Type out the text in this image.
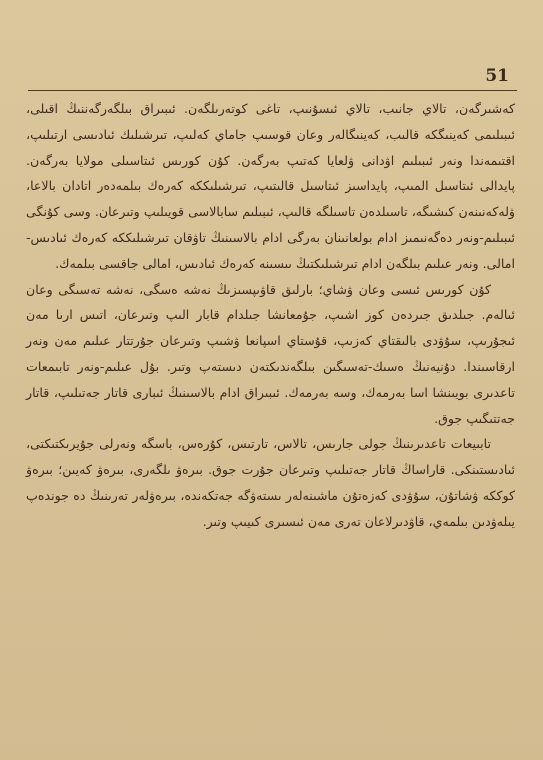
51

كەشىرگەن، تالاي جانىب، تالاي ئىسۇنىپ، تاغى كوتەرىلگەن. ئىبىراق بىلگەرگەننىڭ اقىلى، ئىبىلىمى كەينىگكە قالىب، كەينىگالەر وعان قوسىپ جاماي كەلىپ، تىرشىلىك ئىادىسى ارتىلىپ، اقتىمەندا ونەر ئىبىلىم اۋدانى ۋلعايا كەتىپ بەرگەن. كۇن كورىس ئىتاسىلى مولايا بەرگەن. پايدالى ئىتاسىل المىپ، پايداسىز ئىتاسىل قالىتىپ، تىرشىلىككە كەرەك بىلمەدەر اتادان بالاعا، ۋلەكەنىنەن كىشىگە، تاسىلدەن تاسىلگە قالىپ، ئىبىلىم سابالاسى قويىلىپ وتىرعان. وسى كۇنگى ئىبىلىم-ونەر دەگەنىمىز ادام بولعانىنان بەرگى ادام بالاسىنىڭ تاۋقان تىرشىلىككە كەرەك ئىادىس-امالى. ونەر عىلىم بىلگەن ادام تىرشىلىكتىڭ ىىسىنە كەرەك ئىادىس، امالى جاقسى بىلمەك.

كۇن كورىس ئىسى وعان ۋشاي؛ بارلىق قاۋىپسىزىڭ نەشە ەسگى، نەشە تەسىگى وعان ئىالەم. جىلدىق جىردەن كوز اشىپ، جۇمعانشا جىلدام قابار الىپ وتىرعان، اتىس ارىا مەن ئىجۇرىپ، سۇۋدى بالىقتاي كەزىپ، قۇستاي اسپانعا ۋشىپ وتىرعان جۇرتتار عىلىم مەن ونەر ارقاسىندا. دۇنيەنىڭ ەسىك-تەسىگىن بىلگەندىكتەن دىستەپ وتىر. بۇل عىلىم-ونەر تابىمعات تاعدىرى بويىنشا اسا بەرمەك، وسە بەرمەك. ئىبىراق ادام بالاسىنىڭ ئىبارى قاتار جەتىلىپ، قاتار جەتتىگىپ جوق.

تابىيعات تاعدىرىنىڭ جولى جارىس، تالاس، تارتىس، كۇرەس، باسگە ونەرلى جۇيرىكتىكتى، ئىادىستىنكى. قاراساڭ قاتار جەتىلىپ وتىرعان جۇرت جوق. بىرەۋ ىلگەرى، بىرەۋ كەيىن؛ بىرەۋ كوككە ۋشاتۇن، سۇۋدى كەزەتۇن ماشىنەلەر ىستەۋگە جەتكەندە، بىرەۋلەر تەرىنىڭ دە جوندەپ يىلەۋدىن بىلمەي، قاۋدىرلاعان تەرى مەن ئىسىرى كىيىپ وتىر.
